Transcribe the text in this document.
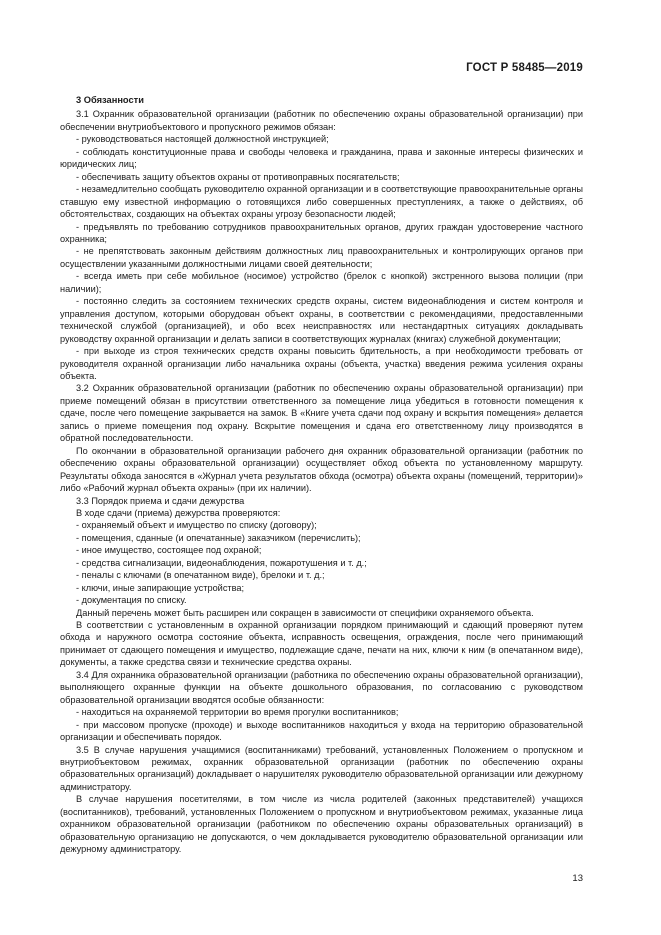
ГОСТ Р 58485—2019
3 Обязанности

3.1 Охранник образовательной организации (работник по обеспечению охраны образовательной организации) при обеспечении внутриобъектового и пропускного режимов обязан:

- руководствоваться настоящей должностной инструкцией;

- соблюдать конституционные права и свободы человека и гражданина, права и законные интересы физических и юридических лиц;

- обеспечивать защиту объектов охраны от противоправных посягательств;

- незамедлительно сообщать руководителю охранной организации и в соответствующие правоохранительные органы ставшую ему известной информацию о готовящихся либо совершенных преступлениях, а также о действиях, об обстоятельствах, создающих на объектах охраны угрозу безопасности людей;

- предъявлять по требованию сотрудников правоохранительных органов, других граждан удостоверение частного охранника;

- не препятствовать законным действиям должностных лиц правоохранительных и контролирующих органов при осуществлении указанными должностными лицами своей деятельности;

- всегда иметь при себе мобильное (носимое) устройство (брелок с кнопкой) экстренного вызова полиции (при наличии);

- постоянно следить за состоянием технических средств охраны, систем видеонаблюдения и систем контроля и управления доступом, которыми оборудован объект охраны, в соответствии с рекомендациями, предоставленными технической службой (организацией), и обо всех неисправностях или нестандартных ситуациях докладывать руководству охранной организации и делать записи в соответствующих журналах (книгах) служебной документации;

- при выходе из строя технических средств охраны повысить бдительность, а при необходимости требовать от руководителя охранной организации либо начальника охраны (объекта, участка) введения режима усиления охраны объекта.

3.2 Охранник образовательной организации (работник по обеспечению охраны образовательной организации) при приеме помещений обязан в присутствии ответственного за помещение лица убедиться в готовности помещения к сдаче, после чего помещение закрывается на замок. В «Книге учета сдачи под охрану и вскрытия помещения» делается запись о приеме помещения под охрану. Вскрытие помещения и сдача его ответственному лицу производятся в обратной последовательности.

По окончании в образовательной организации рабочего дня охранник образовательной организации (работник по обеспечению охраны образовательной организации) осуществляет обход объекта по установленному маршруту. Результаты обхода заносятся в «Журнал учета результатов обхода (осмотра) объекта охраны (помещений, территории)» либо «Рабочий журнал объекта охраны» (при их наличии).

3.3 Порядок приема и сдачи дежурства

В ходе сдачи (приема) дежурства проверяются:

- охраняемый объект и имущество по списку (договору);

- помещения, сданные (и опечатанные) заказчиком (перечислить);

- иное имущество, состоящее под охраной;

- средства сигнализации, видеонаблюдения, пожаротушения и т. д.;

- пеналы с ключами (в опечатанном виде), брелоки и т. д.;

- ключи, иные запирающие устройства;

- документация по списку.

Данный перечень может быть расширен или сокращен в зависимости от специфики охраняемого объекта.

В соответствии с установленным в охранной организации порядком принимающий и сдающий проверяют путем обхода и наружного осмотра состояние объекта, исправность освещения, ограждения, после чего принимающий принимает от сдающего помещения и имущество, подлежащие сдаче, печати на них, ключи к ним (в опечатанном виде), документы, а также средства связи и технические средства охраны.

3.4 Для охранника образовательной организации (работника по обеспечению охраны образовательной организации), выполняющего охранные функции на объекте дошкольного образования, по согласованию с руководством образовательной организации вводятся особые обязанности:

- находиться на охраняемой территории во время прогулки воспитанников;

- при массовом пропуске (проходе) и выходе воспитанников находиться у входа на территорию образовательной организации и обеспечивать порядок.

3.5 В случае нарушения учащимися (воспитанниками) требований, установленных Положением о пропускном и внутриобъектовом режимах, охранник образовательной организации (работник по обеспечению охраны образовательных организаций) докладывает о нарушителях руководителю образовательной организации или дежурному администратору.

В случае нарушения посетителями, в том числе из числа родителей (законных представителей) учащихся (воспитанников), требований, установленных Положением о пропускном и внутриобъектовом режимах, указанные лица охранником образовательной организации (работником по обеспечению охраны образовательных организаций) в образовательную организацию не допускаются, о чем докладывается руководителю образовательной организации или дежурному администратору.

13
